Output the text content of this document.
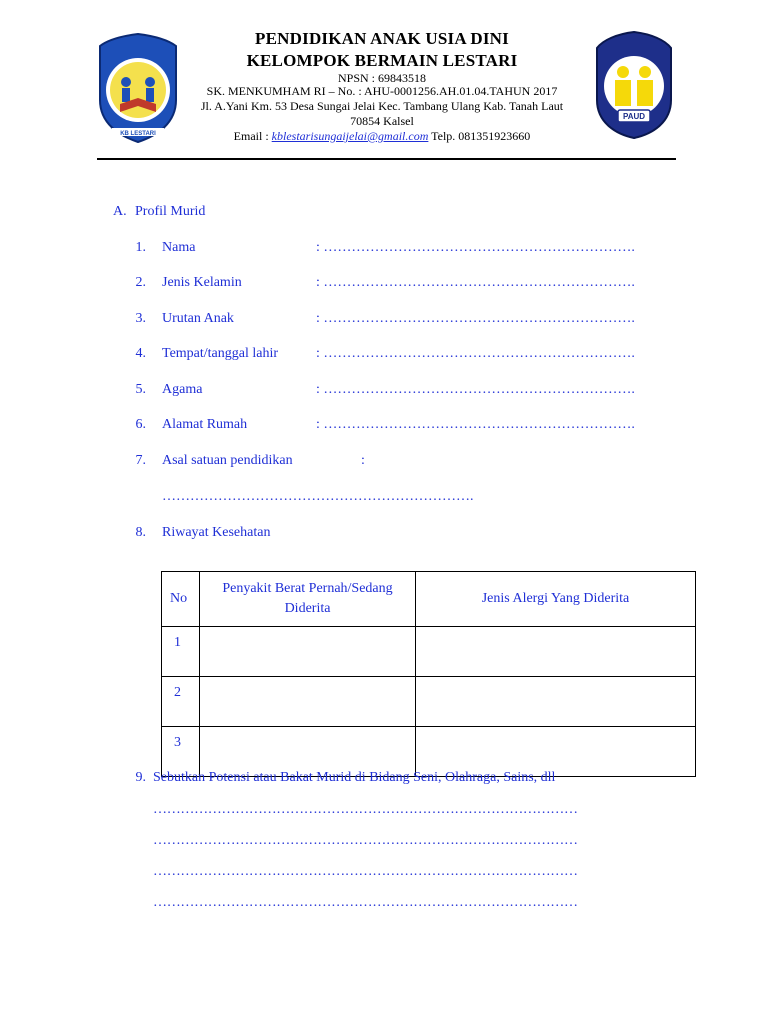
KB LESTARI
PAUD
PENDIDIKAN ANAK USIA DINI
KELOMPOK BERMAIN LESTARI
NPSN : 69843518
SK. MENKUMHAM RI – No. : AHU-0001256.AH.01.04.TAHUN 2017
Jl. A.Yani Km. 53 Desa Sungai Jelai Kec. Tambang Ulang Kab. Tanah Laut
70854 Kalsel
Email : kblestarisungaijelai@gmail.com Telp. 081351923660
A. Profil Murid
1. Nama	: ………………………………………………………….
2. Jenis Kelamin	: ………………………………………………………….
3. Urutan Anak	: ………………………………………………………….
4. Tempat/tanggal lahir	: ………………………………………………………….
5. Agama	: ………………………………………………………….
6. Alamat Rumah	: ………………………………………………………….
7. Asal satuan pendidikan	:
………………………………………………………….
8. Riwayat Kesehatan
No	Penyakit Berat Pernah/Sedang Diderita	Jenis Alergi Yang Diderita
1		
2		
3		
9. Sebutkan Potensi atau Bakat Murid di Bidang Seni, Olahraga, Sains, dll
…………………………………………………………………………………
…………………………………………………………………………………
…………………………………………………………………………………
…………………………………………………………………………………
